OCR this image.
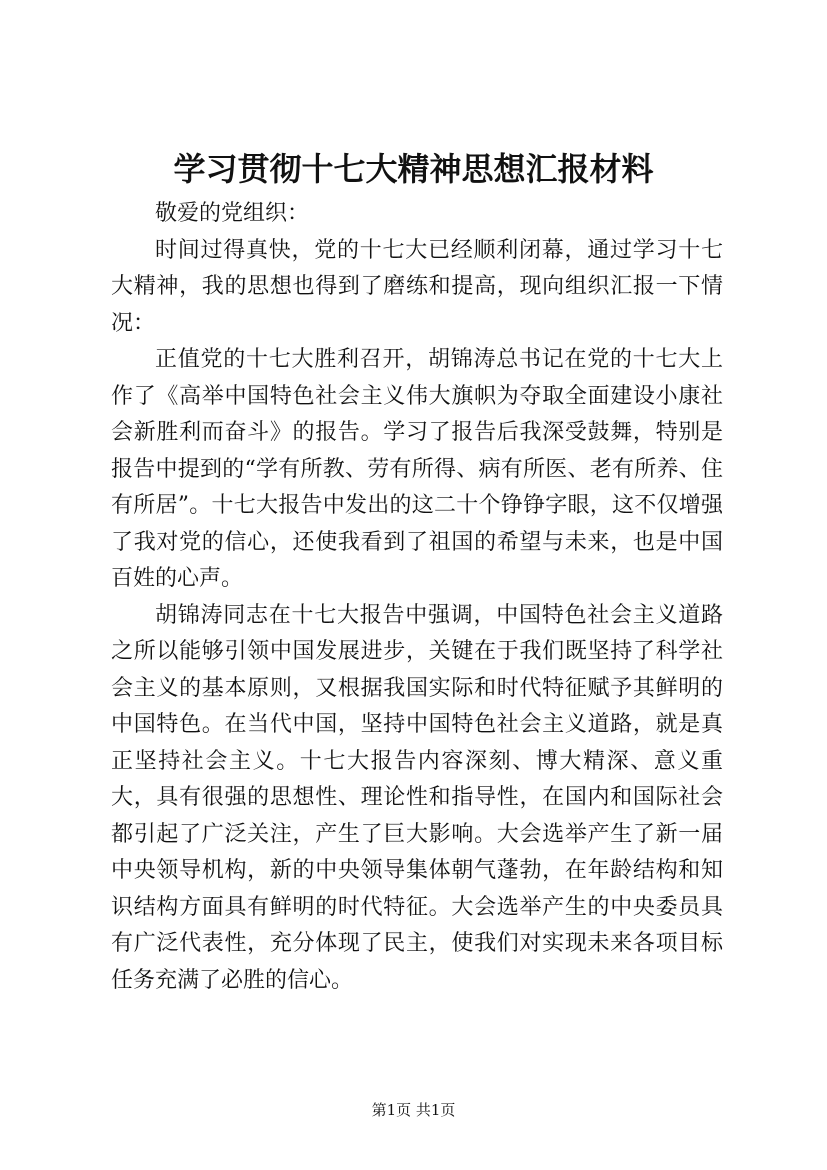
学习贯彻十七大精神思想汇报材料

敬爱的党组织：

时间过得真快，党的十七大已经顺利闭幕，通过学习十七大精神，我的思想也得到了磨练和提高，现向组织汇报一下情况：

正值党的十七大胜利召开，胡锦涛总书记在党的十七大上作了《高举中国特色社会主义伟大旗帜为夺取全面建设小康社会新胜利而奋斗》的报告。学习了报告后我深受鼓舞，特别是报告中提到的“学有所教、劳有所得、病有所医、老有所养、住有所居”。十七大报告中发出的这二十个铮铮字眼，这不仅增强了我对党的信心，还使我看到了祖国的希望与未来，也是中国百姓的心声。

胡锦涛同志在十七大报告中强调，中国特色社会主义道路之所以能够引领中国发展进步，关键在于我们既坚持了科学社会主义的基本原则，又根据我国实际和时代特征赋予其鲜明的中国特色。在当代中国，坚持中国特色社会主义道路，就是真正坚持社会主义。十七大报告内容深刻、博大精深、意义重大，具有很强的思想性、理论性和指导性，在国内和国际社会都引起了广泛关注，产生了巨大影响。大会选举产生了新一届中央领导机构，新的中央领导集体朝气蓬勃，在年龄结构和知识结构方面具有鲜明的时代特征。大会选举产生的中央委员具有广泛代表性，充分体现了民主，使我们对实现未来各项目标任务充满了必胜的信心。

第1页 共1页
